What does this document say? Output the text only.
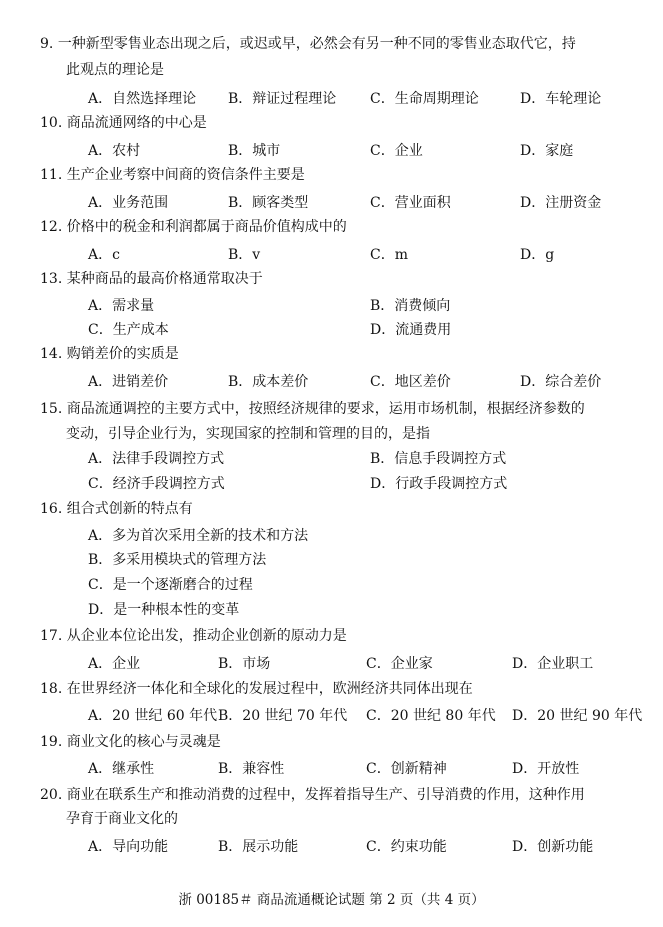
9. 一种新型零售业态出现之后，或迟或早，必然会有另一种不同的零售业态取代它，持
此观点的理论是
A．自然选择理论 B．辩证过程理论 C．生命周期理论	D．车轮理论
10. 商品流通网络的中心是
A．农村	B．城市	C．企业	D．家庭
11. 生产企业考察中间商的资信条件主要是
A．业务范围	B．顾客类型	C．营业面积	D．注册资金
12. 价格中的税金和利润都属于商品价值构成中的
A．c	B．v	C．m	D．g
13. 某种商品的最高价格通常取决于
A．需求量	B．消费倾向
C．生产成本	D．流通费用
14. 购销差价的实质是
A．进销差价	B．成本差价	C．地区差价	D．综合差价
15. 商品流通调控的主要方式中，按照经济规律的要求，运用市场机制，根据经济参数的
变动，引导企业行为，实现国家的控制和管理的目的，是指
A．法律手段调控方式	B．信息手段调控方式
C．经济手段调控方式	D．行政手段调控方式
16. 组合式创新的特点有
A．多为首次采用全新的技术和方法
B．多采用模块式的管理方法
C．是一个逐渐磨合的过程
D．是一种根本性的变革
17. 从企业本位论出发，推动企业创新的原动力是
A．企业	B．市场	C．企业家	D．企业职工
18. 在世界经济一体化和全球化的发展过程中，欧洲经济共同体出现在
A．20 世纪 60 年代 B．20 世纪 70 年代 C．20 世纪 80 年代 D．20 世纪 90 年代
19. 商业文化的核心与灵魂是
A．继承性	B．兼容性	C．创新精神	D．开放性
20. 商业在联系生产和推动消费的过程中，发挥着指导生产、引导消费的作用，这种作用
孕育于商业文化的
A．导向功能	B．展示功能	C．约束功能	D．创新功能
浙 00185＃ 商品流通概论试题 第 2 页（共 4 页）
